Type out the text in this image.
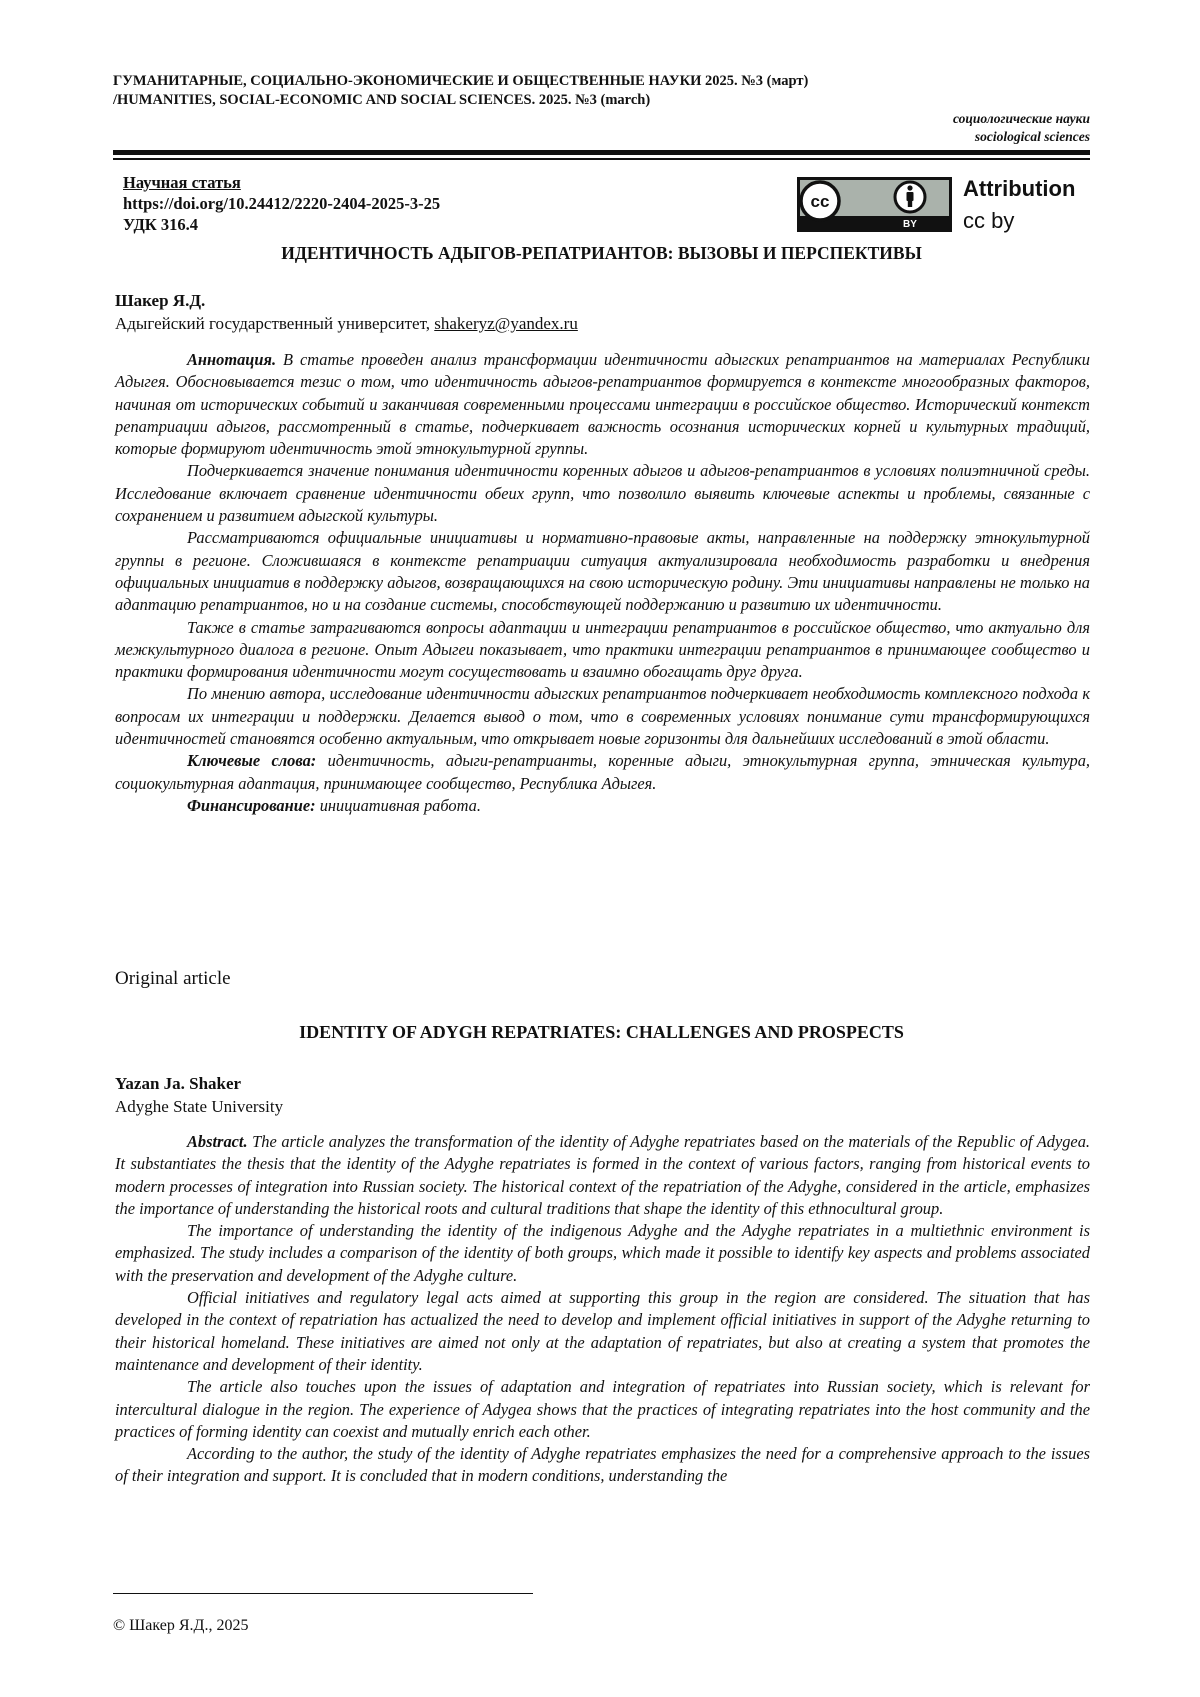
ГУМАНИТАРНЫЕ, СОЦИАЛЬНО-ЭКОНОМИЧЕСКИЕ И ОБЩЕСТВЕННЫЕ НАУКИ 2025. №3 (март)
/HUMANITIES, SOCIAL-ECONOMIC AND SOCIAL SCIENCES. 2025. №3 (march)
социологические науки
sociological sciences
Научная статья
https://doi.org/10.24412/2220-2404-2025-3-25
УДК 316.4
cc
BY
Attribution
cc by
ИДЕНТИЧНОСТЬ АДЫГОВ-РЕПАТРИАНТОВ: ВЫЗОВЫ И ПЕРСПЕКТИВЫ
Шакер Я.Д.
Адыгейский государственный университет, shakeryz@yandex.ru

Аннотация. В статье проведен анализ трансформации идентичности адыгских репатриантов на материалах Республики Адыгея. Обосновывается тезис о том, что идентичность адыгов-репатриантов формируется в контексте многообразных факторов, начиная от исторических событий и заканчивая современными процессами интеграции в российское общество. Исторический контекст репатриации адыгов, рассмотренный в статье, подчеркивает важность осознания исторических корней и культурных традиций, которые формируют идентичность этой этнокультурной группы.

Подчеркивается значение понимания идентичности коренных адыгов и адыгов-репатриантов в условиях полиэтничной среды. Исследование включает сравнение идентичности обеих групп, что позволило выявить ключевые аспекты и проблемы, связанные с сохранением и развитием адыгской культуры.

Рассматриваются официальные инициативы и нормативно-правовые акты, направленные на поддержку этнокультурной группы в регионе. Сложившаяся в контексте репатриации ситуация актуализировала необходимость разработки и внедрения официальных инициатив в поддержку адыгов, возвращающихся на свою историческую родину. Эти инициативы направлены не только на адаптацию репатриантов, но и на создание системы, способствующей поддержанию и развитию их идентичности.

Также в статье затрагиваются вопросы адаптации и интеграции репатриантов в российское общество, что актуально для межкультурного диалога в регионе. Опыт Адыгеи показывает, что практики интеграции репатриантов в принимающее сообщество и практики формирования идентичности могут сосуществовать и взаимно обогащать друг друга.

По мнению автора, исследование идентичности адыгских репатриантов подчеркивает необходимость комплексного подхода к вопросам их интеграции и поддержки. Делается вывод о том, что в современных условиях понимание сути трансформирующихся идентичностей становятся особенно актуальным, что открывает новые горизонты для дальнейших исследований в этой области.

Ключевые слова: идентичность, адыги-репатрианты, коренные адыги, этнокультурная группа, этническая культура, социокультурная адаптация, принимающее сообщество, Республика Адыгея.

Финансирование: инициативная работа.

Original article
IDENTITY OF ADYGH REPATRIATES: CHALLENGES AND PROSPECTS
Yazan Ja. Shaker
Adyghe State University

Abstract. The article analyzes the transformation of the identity of Adyghe repatriates based on the materials of the Republic of Adygea. It substantiates the thesis that the identity of the Adyghe repatriates is formed in the context of various factors, ranging from historical events to modern processes of integration into Russian society. The historical context of the repatriation of the Adyghe, considered in the article, emphasizes the importance of understanding the historical roots and cultural traditions that shape the identity of this ethnocultural group.

The importance of understanding the identity of the indigenous Adyghe and the Adyghe repatriates in a multiethnic environment is emphasized. The study includes a comparison of the identity of both groups, which made it possible to identify key aspects and problems associated with the preservation and development of the Adyghe culture.

Official initiatives and regulatory legal acts aimed at supporting this group in the region are considered. The situation that has developed in the context of repatriation has actualized the need to develop and implement official initiatives in support of the Adyghe returning to their historical homeland. These initiatives are aimed not only at the adaptation of repatriates, but also at creating a system that promotes the maintenance and development of their identity.

The article also touches upon the issues of adaptation and integration of repatriates into Russian society, which is relevant for intercultural dialogue in the region. The experience of Adygea shows that the practices of integrating repatriates into the host community and the practices of forming identity can coexist and mutually enrich each other.

According to the author, the study of the identity of Adyghe repatriates emphasizes the need for a comprehensive approach to the issues of their integration and support. It is concluded that in modern conditions, understanding the

© Шакер Я.Д., 2025
